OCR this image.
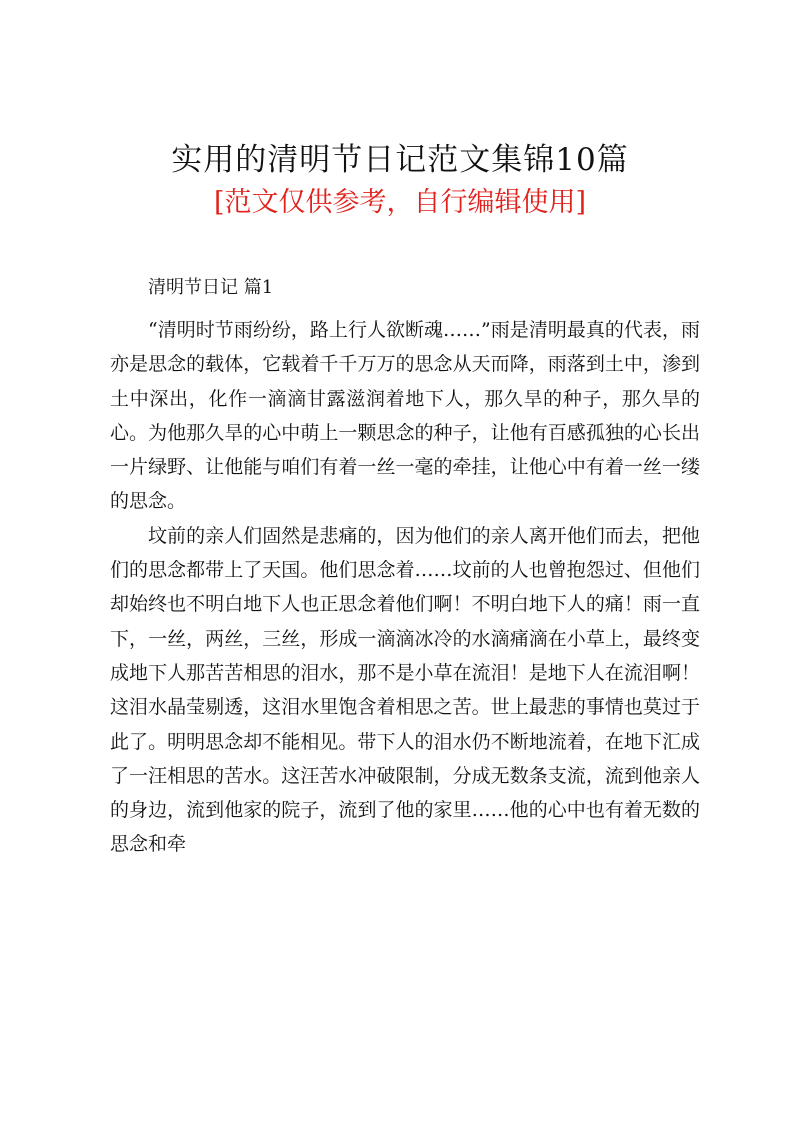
实用的清明节日记范文集锦10篇
[范文仅供参考，自行编辑使用]
清明节日记 篇1

“清明时节雨纷纷，路上行人欲断魂……”雨是清明最真的代表，雨亦是思念的载体，它载着千千万万的思念从天而降，雨落到土中，渗到土中深出，化作一滴滴甘露滋润着地下人，那久旱的种子，那久旱的心。为他那久旱的心中萌上一颗思念的种子，让他有百感孤独的心长出一片绿野、让他能与咱们有着一丝一毫的牵挂，让他心中有着一丝一缕的思念。

坟前的亲人们固然是悲痛的，因为他们的亲人离开他们而去，把他们的思念都带上了天国。他们思念着……坟前的人也曾抱怨过、但他们却始终也不明白地下人也正思念着他们啊！不明白地下人的痛！雨一直下，一丝，两丝，三丝，形成一滴滴冰冷的水滴痛滴在小草上，最终变成地下人那苦苦相思的泪水，那不是小草在流泪！是地下人在流泪啊！这泪水晶莹剔透，这泪水里饱含着相思之苦。世上最悲的事情也莫过于此了。明明思念却不能相见。带下人的泪水仍不断地流着，在地下汇成了一汪相思的苦水。这汪苦水冲破限制，分成无数条支流，流到他亲人的身边，流到他家的院子，流到了他的家里……他的心中也有着无数的思念和牵
